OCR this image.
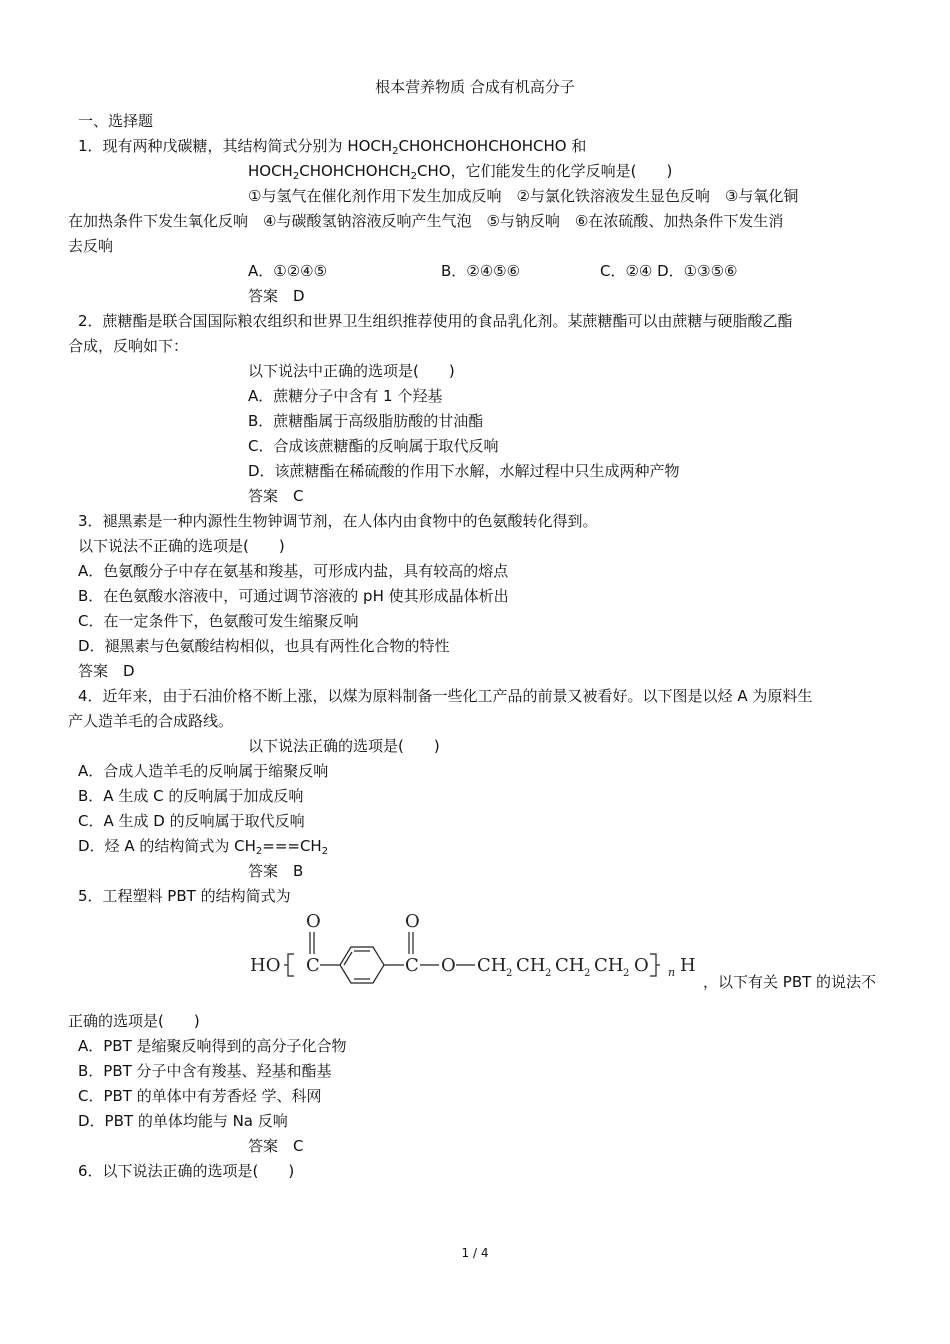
根本营养物质 合成有机高分子
一、选择题
1．现有两种戊碳糖，其结构简式分别为 $HOCH_2CHOHCHOHCHOHCHO$ 和
$HOCH_2CHOHCHOHCH_2CHO$，它们能发生的化学反响是(　　)
①与氢气在催化剂作用下发生加成反响　②与氯化铁溶液发生显色反响　③与氧化铜
在加热条件下发生氧化反响　④与碳酸氢钠溶液反响产生气泡　⑤与钠反响　⑥在浓硫酸、加热条件下发生消
去反响
A．①②④⑤	B．②④⑤⑥	C．②④ D．①③⑤⑥
答案　D
2．蔗糖酯是联合国国际粮农组织和世界卫生组织推荐使用的食品乳化剂。某蔗糖酯可以由蔗糖与硬脂酸乙酯
合成，反响如下：
以下说法中正确的选项是(　　)
A．蔗糖分子中含有 1 个羟基
B．蔗糖酯属于高级脂肪酸的甘油酯
C．合成该蔗糖酯的反响属于取代反响
D．该蔗糖酯在稀硫酸的作用下水解，水解过程中只生成两种产物
答案　C
3．褪黑素是一种内源性生物钟调节剂，在人体内由食物中的色氨酸转化得到。
以下说法不正确的选项是(　　)
A．色氨酸分子中存在氨基和羧基，可形成内盐，具有较高的熔点
B．在色氨酸水溶液中，可通过调节溶液的 pH 使其形成晶体析出
C．在一定条件下，色氨酸可发生缩聚反响
D．褪黑素与色氨酸结构相似，也具有两性化合物的特性
答案　D
4．近年来，由于石油价格不断上涨，以煤为原料制备一些化工产品的前景又被看好。以下图是以烃 A 为原料生
产人造羊毛的合成路线。
以下说法正确的选项是(　　)
A．合成人造羊毛的反响属于缩聚反响
B．A 生成 C 的反响属于加成反响
C．A 生成 D 的反响属于取代反响
D．烃 A 的结构简式为 $CH_2===CH_2$
答案　B
5．工程塑料 PBT 的结构简式为
O	O
HO C	C O CH 2 CH 2 CH 2 CH 2 O n H
，以下有关 PBT 的说法不
正确的选项是(　　)
A．PBT 是缩聚反响得到的高分子化合物
B．PBT 分子中含有羧基、羟基和酯基
C．PBT 的单体中有芳香烃 学、科网
D．PBT 的单体均能与 Na 反响
答案　C
6．以下说法正确的选项是(　　)
1 / 4
